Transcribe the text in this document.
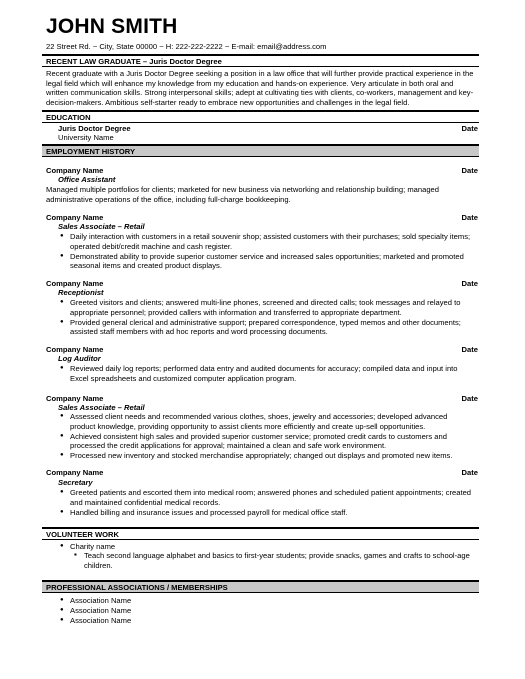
JOHN SMITH
22 Street Rd. ~ City, State 00000 ~ H: 222-222-2222 ~ E-mail: email@address.com
RECENT LAW GRADUATE – Juris Doctor Degree
Recent graduate with a Juris Doctor Degree seeking a position in a law office that will further provide practical experience in the legal field which will enhance my knowledge from my education and hands-on experience. Very articulate in both oral and written communication skills. Strong interpersonal skills; adept at cultivating ties with clients, co-workers, management and key-decision-makers. Ambitious self-starter ready to embrace new opportunities and challenges in the legal field.
EDUCATION
Juris Doctor Degree	Date
University Name
EMPLOYMENT HISTORY
Company Name	Date
Office Assistant
Managed multiple portfolios for clients; marketed for new business via networking and relationship building; managed administrative operations of the office, including full-charge bookkeeping.
Company Name	Date
Sales Associate – Retail
● Daily interaction with customers in a retail souvenir shop; assisted customers with their purchases; sold specialty items; operated debit/credit machine and cash register.
● Demonstrated ability to provide superior customer service and increased sales opportunities; marketed and promoted seasonal items and created product displays.
Company Name	Date
Receptionist
● Greeted visitors and clients; answered multi-line phones, screened and directed calls; took messages and relayed to appropriate personnel; provided callers with information and transferred to appropriate department.
● Provided general clerical and administrative support; prepared correspondence, typed memos and other documents; assisted staff members with ad hoc reports and word processing documents.
Company Name	Date
Log Auditor
● Reviewed daily log reports; performed data entry and audited documents for accuracy; compiled data and input into Excel spreadsheets and customized computer application program.
Company Name	Date
Sales Associate – Retail
● Assessed client needs and recommended various clothes, shoes, jewelry and accessories; developed advanced product knowledge, providing opportunity to assist clients more efficiently and create up-sell opportunities.
● Achieved consistent high sales and provided superior customer service; promoted credit cards to customers and processed the credit applications for approval; maintained a clean and safe work environment.
● Processed new inventory and stocked merchandise appropriately; changed out displays and promoted new items.
Company Name	Date
Secretary
● Greeted patients and escorted them into medical room; answered phones and scheduled patient appointments; created and maintained confidential medical records.
● Handled billing and insurance issues and processed payroll for medical office staff.
VOLUNTEER WORK
● Charity name
▪ Teach second language alphabet and basics to first-year students; provide snacks, games and crafts to school-age children.
PROFESSIONAL ASSOCIATIONS / MEMBERSHIPS
● Association Name
● Association Name
● Association Name
